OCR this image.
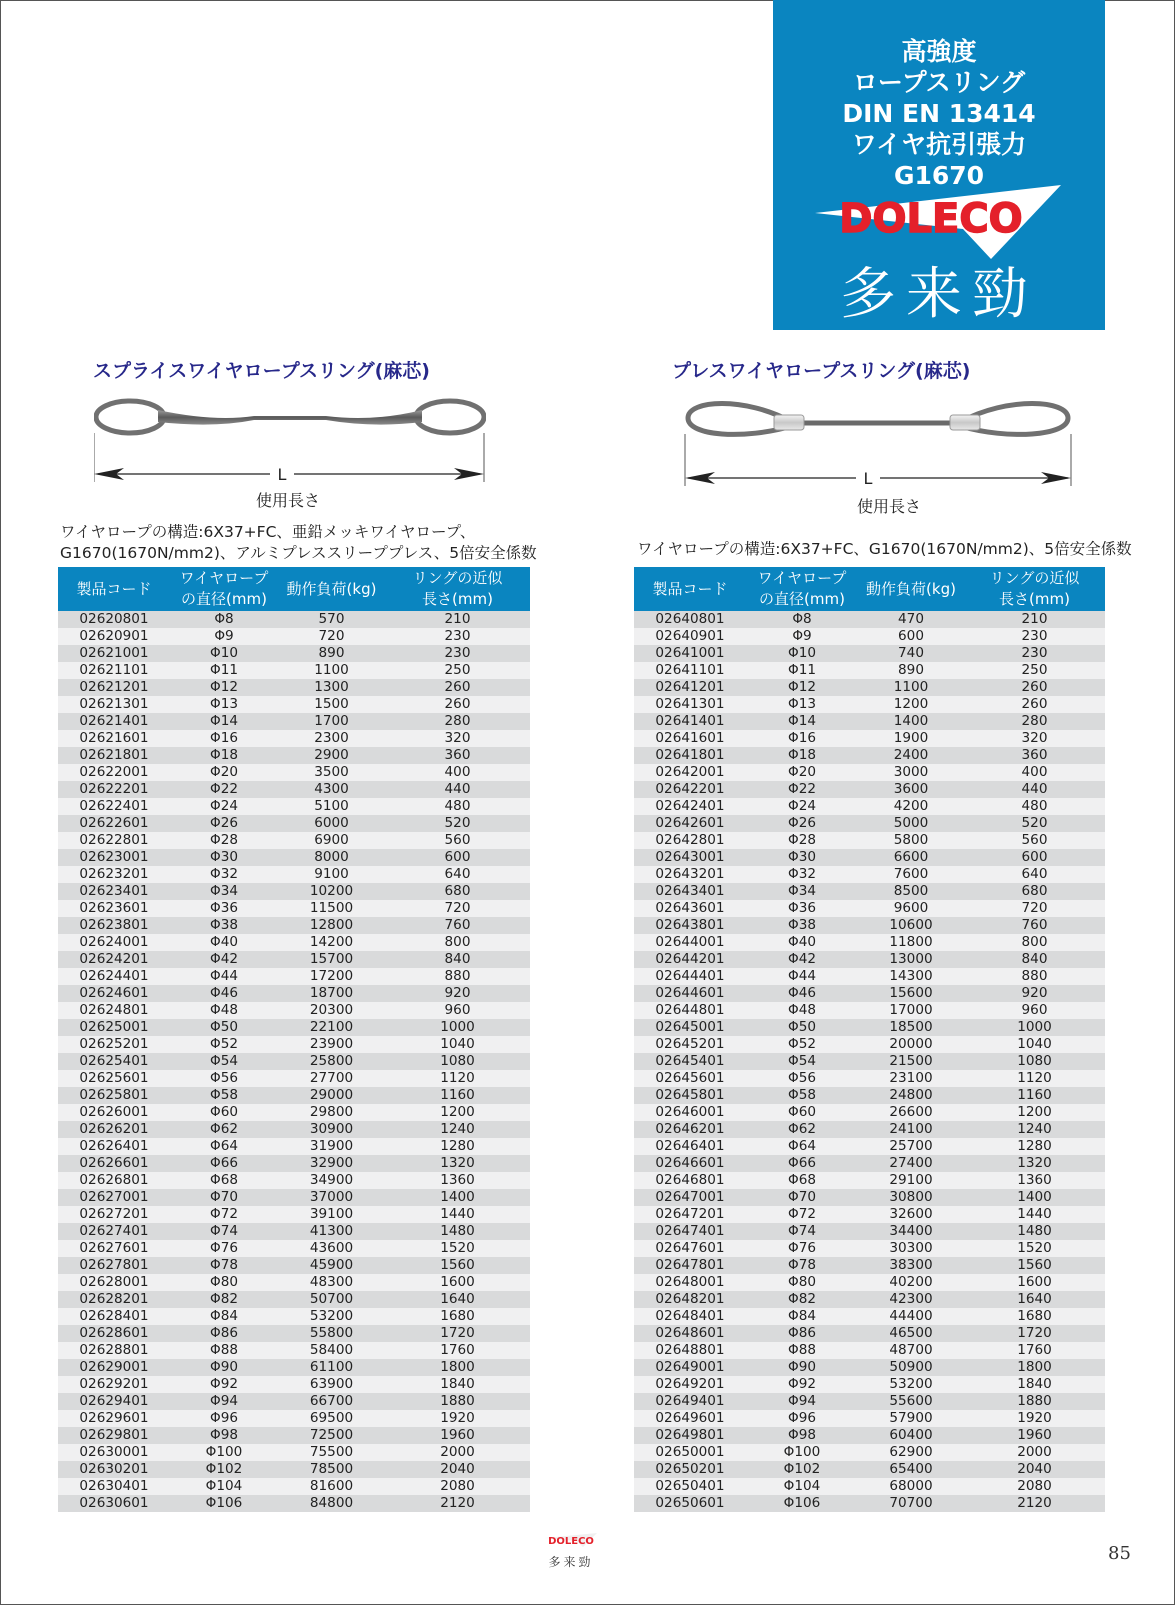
高強度
ロープスリング
DIN EN 13414
ワイヤ抗引張力
G1670
DOLECO
多来勁
スプライスワイヤロープスリング(麻芯)
L
使用長さ
ワイヤロープの構造:6X37+FC、亜鉛メッキワイヤロープ、
G1670(1670N/mm2)、アルミプレススリーププレス、5倍安全係数
製品コード	ワイヤロープ
の直径(mm)	動作負荷(kg)	リングの近似
長さ(mm)
02620801	Φ8	570	210
02620901	Φ9	720	230
02621001	Φ10	890	230
02621101	Φ11	1100	250
02621201	Φ12	1300	260
02621301	Φ13	1500	260
02621401	Φ14	1700	280
02621601	Φ16	2300	320
02621801	Φ18	2900	360
02622001	Φ20	3500	400
02622201	Φ22	4300	440
02622401	Φ24	5100	480
02622601	Φ26	6000	520
02622801	Φ28	6900	560
02623001	Φ30	8000	600
02623201	Φ32	9100	640
02623401	Φ34	10200	680
02623601	Φ36	11500	720
02623801	Φ38	12800	760
02624001	Φ40	14200	800
02624201	Φ42	15700	840
02624401	Φ44	17200	880
02624601	Φ46	18700	920
02624801	Φ48	20300	960
02625001	Φ50	22100	1000
02625201	Φ52	23900	1040
02625401	Φ54	25800	1080
02625601	Φ56	27700	1120
02625801	Φ58	29000	1160
02626001	Φ60	29800	1200
02626201	Φ62	30900	1240
02626401	Φ64	31900	1280
02626601	Φ66	32900	1320
02626801	Φ68	34900	1360
02627001	Φ70	37000	1400
02627201	Φ72	39100	1440
02627401	Φ74	41300	1480
02627601	Φ76	43600	1520
02627801	Φ78	45900	1560
02628001	Φ80	48300	1600
02628201	Φ82	50700	1640
02628401	Φ84	53200	1680
02628601	Φ86	55800	1720
02628801	Φ88	58400	1760
02629001	Φ90	61100	1800
02629201	Φ92	63900	1840
02629401	Φ94	66700	1880
02629601	Φ96	69500	1920
02629801	Φ98	72500	1960
02630001	Φ100	75500	2000
02630201	Φ102	78500	2040
02630401	Φ104	81600	2080
02630601	Φ106	84800	2120
プレスワイヤロープスリング(麻芯)
L
使用長さ
ワイヤロープの構造:6X37+FC、G1670(1670N/mm2)、5倍安全係数
製品コード	ワイヤロープ
の直径(mm)	動作負荷(kg)	リングの近似
長さ(mm)
02640801	Φ8	470	210
02640901	Φ9	600	230
02641001	Φ10	740	230
02641101	Φ11	890	250
02641201	Φ12	1100	260
02641301	Φ13	1200	260
02641401	Φ14	1400	280
02641601	Φ16	1900	320
02641801	Φ18	2400	360
02642001	Φ20	3000	400
02642201	Φ22	3600	440
02642401	Φ24	4200	480
02642601	Φ26	5000	520
02642801	Φ28	5800	560
02643001	Φ30	6600	600
02643201	Φ32	7600	640
02643401	Φ34	8500	680
02643601	Φ36	9600	720
02643801	Φ38	10600	760
02644001	Φ40	11800	800
02644201	Φ42	13000	840
02644401	Φ44	14300	880
02644601	Φ46	15600	920
02644801	Φ48	17000	960
02645001	Φ50	18500	1000
02645201	Φ52	20000	1040
02645401	Φ54	21500	1080
02645601	Φ56	23100	1120
02645801	Φ58	24800	1160
02646001	Φ60	26600	1200
02646201	Φ62	24100	1240
02646401	Φ64	25700	1280
02646601	Φ66	27400	1320
02646801	Φ68	29100	1360
02647001	Φ70	30800	1400
02647201	Φ72	32600	1440
02647401	Φ74	34400	1480
02647601	Φ76	30300	1520
02647801	Φ78	38300	1560
02648001	Φ80	40200	1600
02648201	Φ82	42300	1640
02648401	Φ84	44400	1680
02648601	Φ86	46500	1720
02648801	Φ88	48700	1760
02649001	Φ90	50900	1800
02649201	Φ92	53200	1840
02649401	Φ94	55600	1880
02649601	Φ96	57900	1920
02649801	Φ98	60400	1960
02650001	Φ100	62900	2000
02650201	Φ102	65400	2040
02650401	Φ104	68000	2080
02650601	Φ106	70700	2120
DOLECO
多来勁	85
